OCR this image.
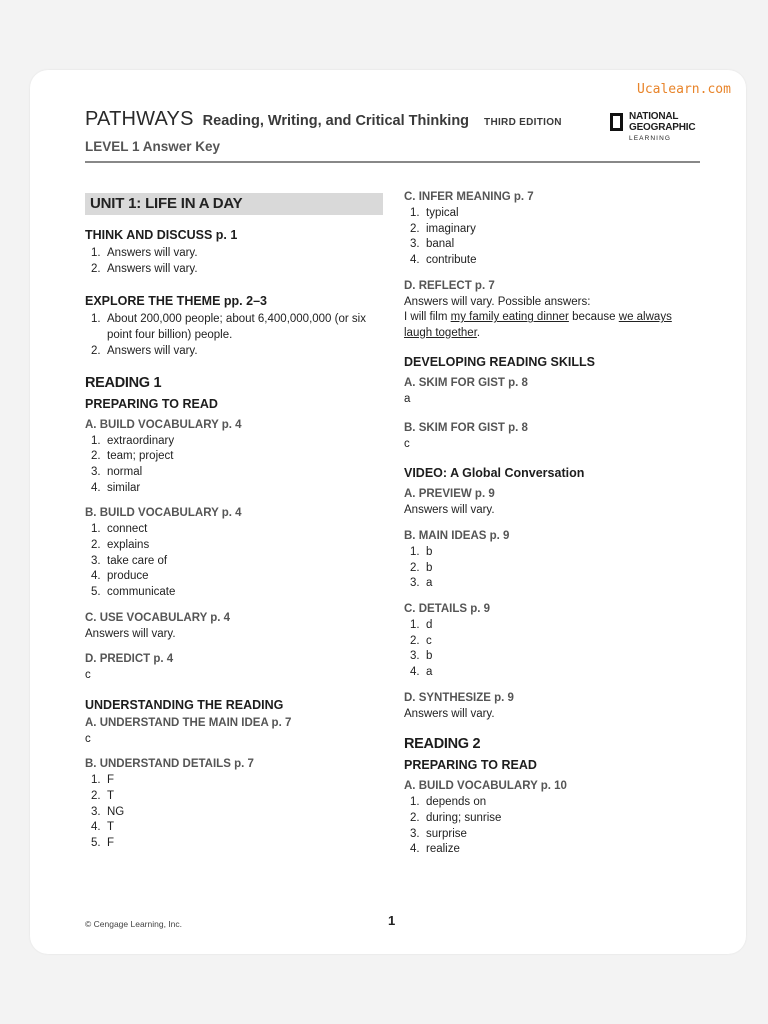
Ucalearn.com
PATHWAYS Reading, Writing, and Critical Thinking THIRD EDITION
LEVEL 1 Answer Key
NATIONAL
GEOGRAPHIC
LEARNING
UNIT 1: LIFE IN A DAY
THINK AND DISCUSS p. 1
1. Answers will vary.
2. Answers will vary.
EXPLORE THE THEME pp. 2–3
1. About 200,000 people; about 6,400,000,000 (or six point four billion) people.
2. Answers will vary.
READING 1
PREPARING TO READ
A. BUILD VOCABULARY p. 4
1. extraordinary
2. team; project
3. normal
4. similar
B. BUILD VOCABULARY p. 4
1. connect
2. explains
3. take care of
4. produce
5. communicate
C. USE VOCABULARY p. 4
Answers will vary.
D. PREDICT p. 4
c
UNDERSTANDING THE READING
A. UNDERSTAND THE MAIN IDEA p. 7
c
B. UNDERSTAND DETAILS p. 7
1. F
2. T
3. NG
4. T
5. F
C. INFER MEANING p. 7
1. typical
2. imaginary
3. banal
4. contribute
D. REFLECT p. 7
Answers will vary. Possible answers:
I will film my family eating dinner because we always laugh together.
DEVELOPING READING SKILLS
A. SKIM FOR GIST p. 8
a
B. SKIM FOR GIST p. 8
c
VIDEO: A Global Conversation
A. PREVIEW p. 9
Answers will vary.
B. MAIN IDEAS p. 9
1. b
2. b
3. a
C. DETAILS p. 9
1. d
2. c
3. b
4. a
D. SYNTHESIZE p. 9
Answers will vary.
READING 2
PREPARING TO READ
A. BUILD VOCABULARY p. 10
1. depends on
2. during; sunrise
3. surprise
4. realize
© Cengage Learning, Inc.	1
